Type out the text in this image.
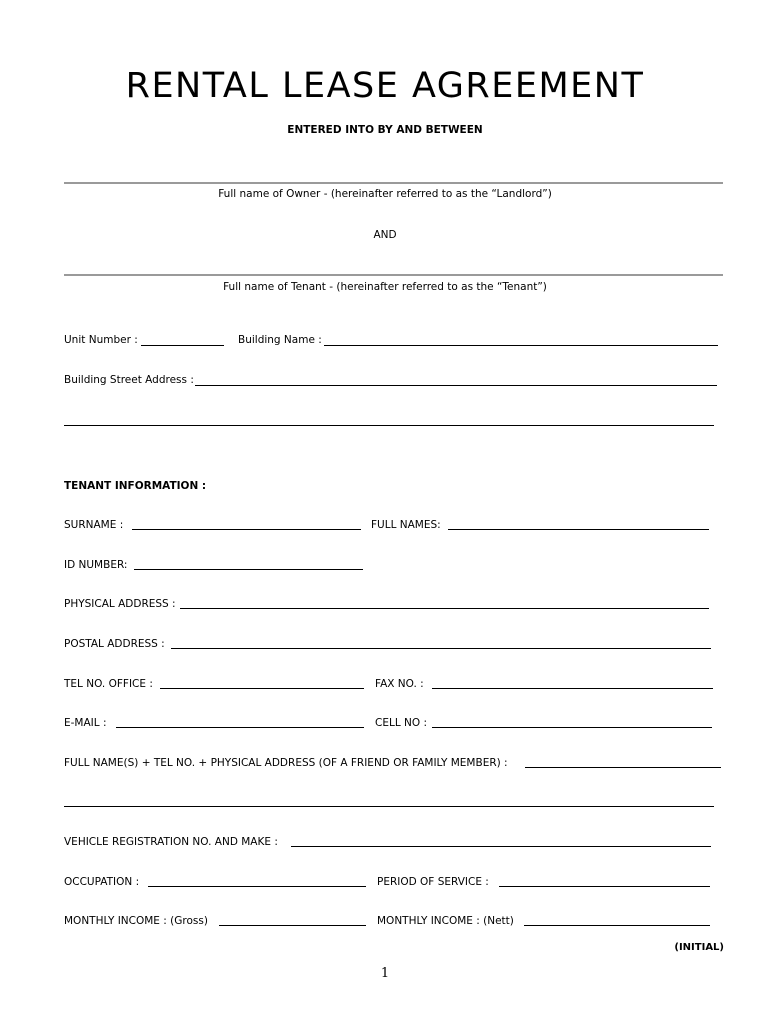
RENTAL LEASE AGREEMENT
ENTERED INTO BY AND BETWEEN
Full name of Owner - (hereinafter referred to as the “Landlord”)
AND
Full name of Tenant - (hereinafter referred to as the “Tenant”)
Unit Number :	Building Name :
Building Street Address :
TENANT INFORMATION :
SURNAME :	FULL NAMES:
ID NUMBER:
PHYSICAL ADDRESS :
POSTAL ADDRESS :
TEL NO. OFFICE :	FAX NO. :
E-MAIL :	CELL NO :
FULL NAME(S) + TEL NO. + PHYSICAL ADDRESS (OF A FRIEND OR FAMILY MEMBER) :
VEHICLE REGISTRATION NO. AND MAKE :
OCCUPATION :	PERIOD OF SERVICE :
MONTHLY INCOME : (Gross)	MONTHLY INCOME : (Nett)
(INITIAL)
1
